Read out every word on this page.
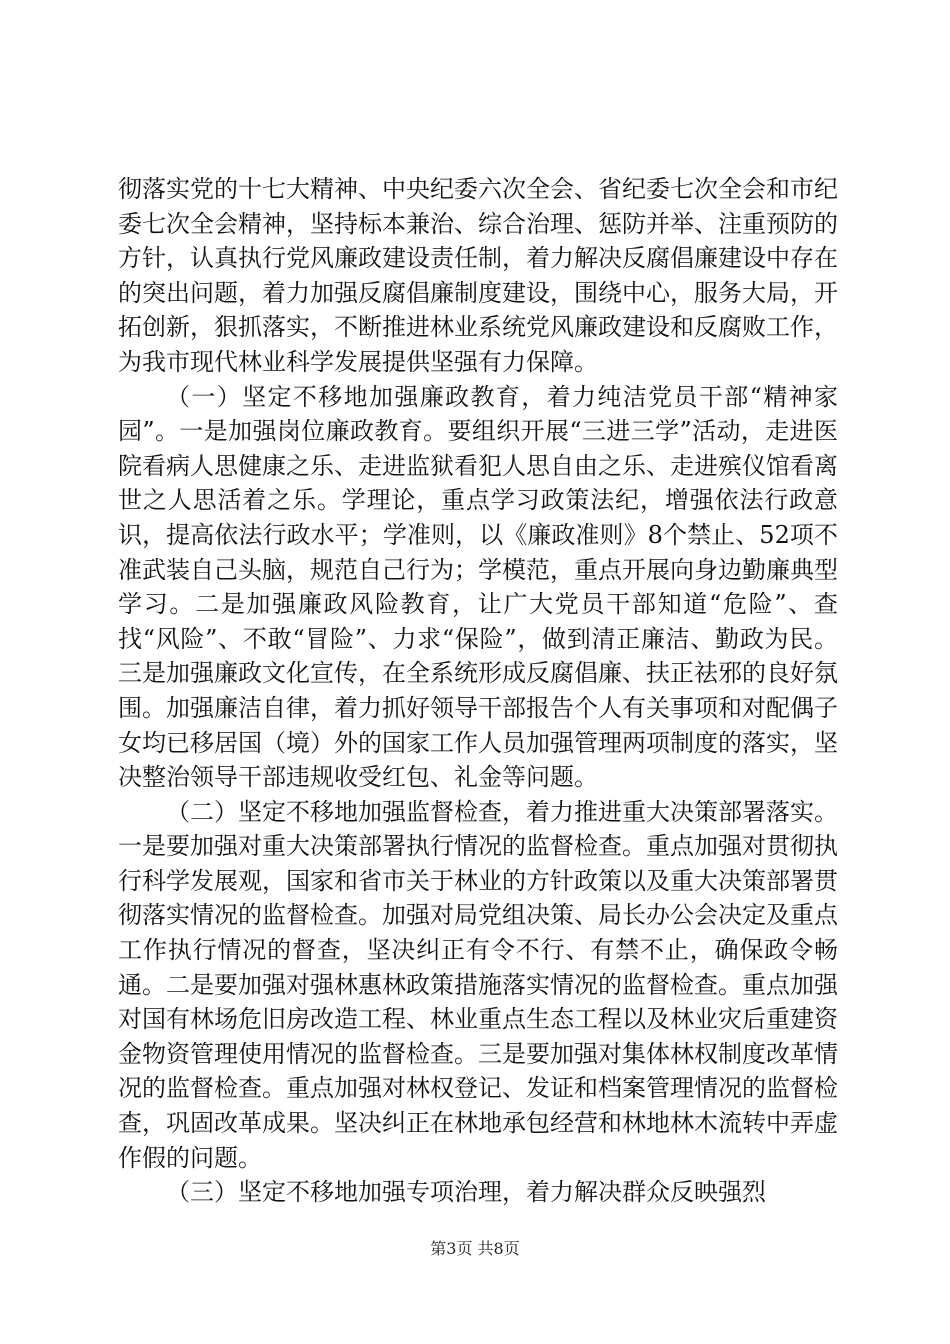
彻落实党的十七大精神、中央纪委六次全会、省纪委七次全会和市纪委七次全会精神，坚持标本兼治、综合治理、惩防并举、注重预防的方针，认真执行党风廉政建设责任制，着力解决反腐倡廉建设中存在的突出问题，着力加强反腐倡廉制度建设，围绕中心，服务大局，开拓创新，狠抓落实，不断推进林业系统党风廉政建设和反腐败工作，为我市现代林业科学发展提供坚强有力保障。

（一）坚定不移地加强廉政教育，着力纯洁党员干部“精神家园”。一是加强岗位廉政教育。要组织开展“三进三学”活动，走进医院看病人思健康之乐、走进监狱看犯人思自由之乐、走进殡仪馆看离世之人思活着之乐。学理论，重点学习政策法纪，增强依法行政意识，提高依法行政水平；学准则，以《廉政准则》8个禁止、52项不准武装自己头脑，规范自己行为；学模范，重点开展向身边勤廉典型学习。二是加强廉政风险教育，让广大党员干部知道“危险”、查找“风险”、不敢“冒险”、力求“保险”，做到清正廉洁、勤政为民。三是加强廉政文化宣传，在全系统形成反腐倡廉、扶正祛邪的良好氛围。加强廉洁自律，着力抓好领导干部报告个人有关事项和对配偶子女均已移居国（境）外的国家工作人员加强管理两项制度的落实，坚决整治领导干部违规收受红包、礼金等问题。

（二）坚定不移地加强监督检查，着力推进重大决策部署落实。一是要加强对重大决策部署执行情况的监督检查。重点加强对贯彻执行科学发展观，国家和省市关于林业的方针政策以及重大决策部署贯彻落实情况的监督检查。加强对局党组决策、局长办公会决定及重点工作执行情况的督查，坚决纠正有令不行、有禁不止，确保政令畅通。二是要加强对强林惠林政策措施落实情况的监督检查。重点加强对国有林场危旧房改造工程、林业重点生态工程以及林业灾后重建资金物资管理使用情况的监督检查。三是要加强对集体林权制度改革情况的监督检查。重点加强对林权登记、发证和档案管理情况的监督检查，巩固改革成果。坚决纠正在林地承包经营和林地林木流转中弄虚作假的问题。

（三）坚定不移地加强专项治理，着力解决群众反映强烈

第3页 共8页
